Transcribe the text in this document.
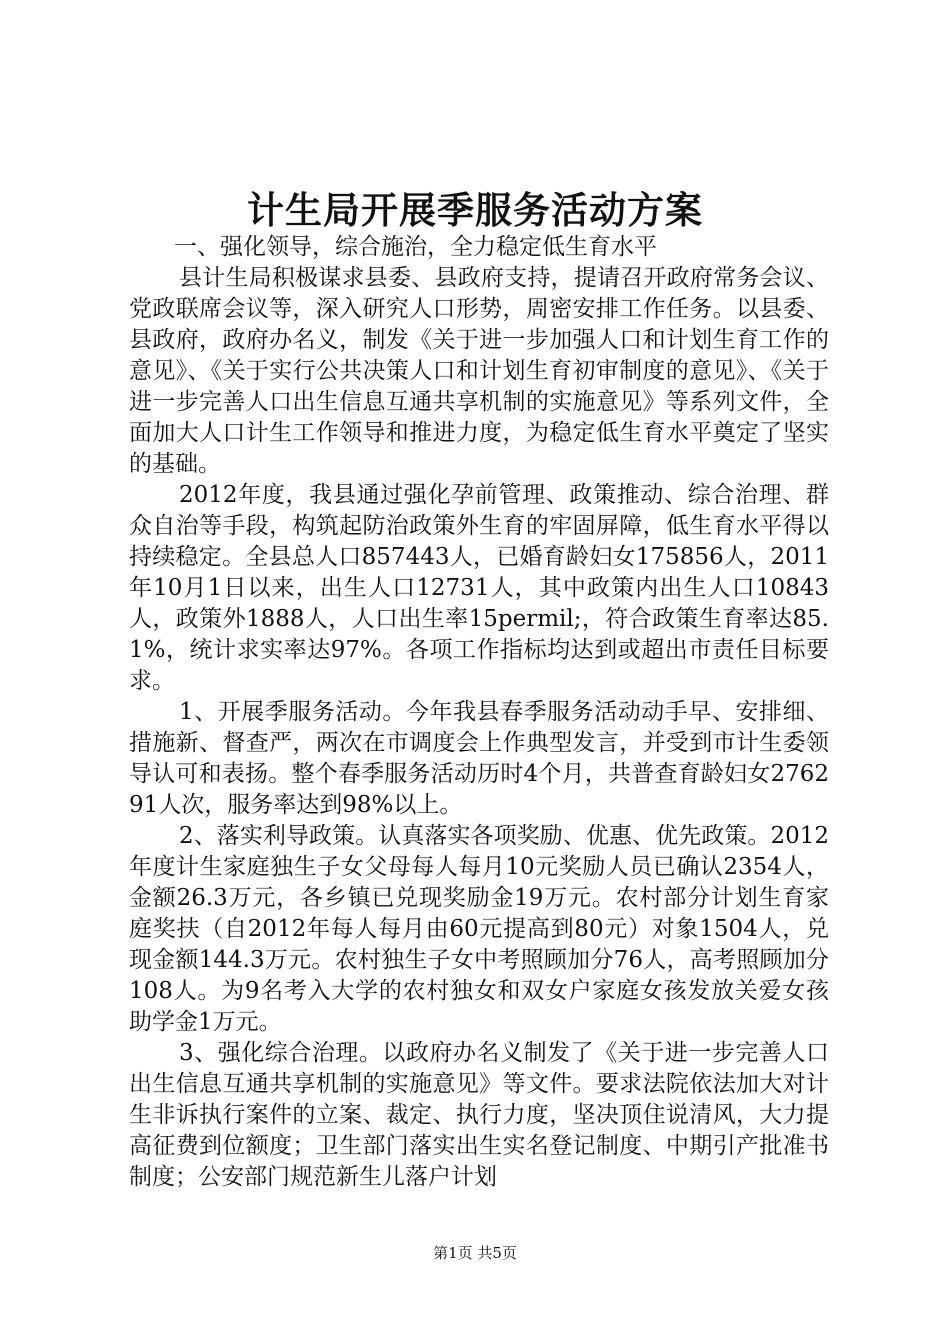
计生局开展季服务活动方案

一、强化领导，综合施治，全力稳定低生育水平

县计生局积极谋求县委、县政府支持，提请召开政府常务会议、党政联席会议等，深入研究人口形势，周密安排工作任务。以县委、县政府，政府办名义，制发《关于进一步加强人口和计划生育工作的意见》、《关于实行公共决策人口和计划生育初审制度的意见》、《关于进一步完善人口出生信息互通共享机制的实施意见》等系列文件，全面加大人口计生工作领导和推进力度，为稳定低生育水平奠定了坚实的基础。

2012年度，我县通过强化孕前管理、政策推动、综合治理、群众自治等手段，构筑起防治政策外生育的牢固屏障，低生育水平得以持续稳定。全县总人口857443人，已婚育龄妇女175856人，2011年10月1日以来，出生人口12731人，其中政策内出生人口10843人，政策外1888人，人口出生率15permil;，符合政策生育率达85.1%，统计求实率达97%。各项工作指标均达到或超出市责任目标要求。

1、开展季服务活动。今年我县春季服务活动动手早、安排细、措施新、督查严，两次在市调度会上作典型发言，并受到市计生委领导认可和表扬。整个春季服务活动历时4个月，共普查育龄妇女276291人次，服务率达到98%以上。

2、落实利导政策。认真落实各项奖励、优惠、优先政策。2012年度计生家庭独生子女父母每人每月10元奖励人员已确认2354人，金额26.3万元，各乡镇已兑现奖励金19万元。农村部分计划生育家庭奖扶（自2012年每人每月由60元提高到80元）对象1504人，兑现金额144.3万元。农村独生子女中考照顾加分76人，高考照顾加分108人。为9名考入大学的农村独女和双女户家庭女孩发放关爱女孩助学金1万元。

3、强化综合治理。以政府办名义制发了《关于进一步完善人口出生信息互通共享机制的实施意见》等文件。要求法院依法加大对计生非诉执行案件的立案、裁定、执行力度，坚决顶住说清风，大力提高征费到位额度；卫生部门落实出生实名登记制度、中期引产批准书制度；公安部门规范新生儿落户计划

第1页 共5页
